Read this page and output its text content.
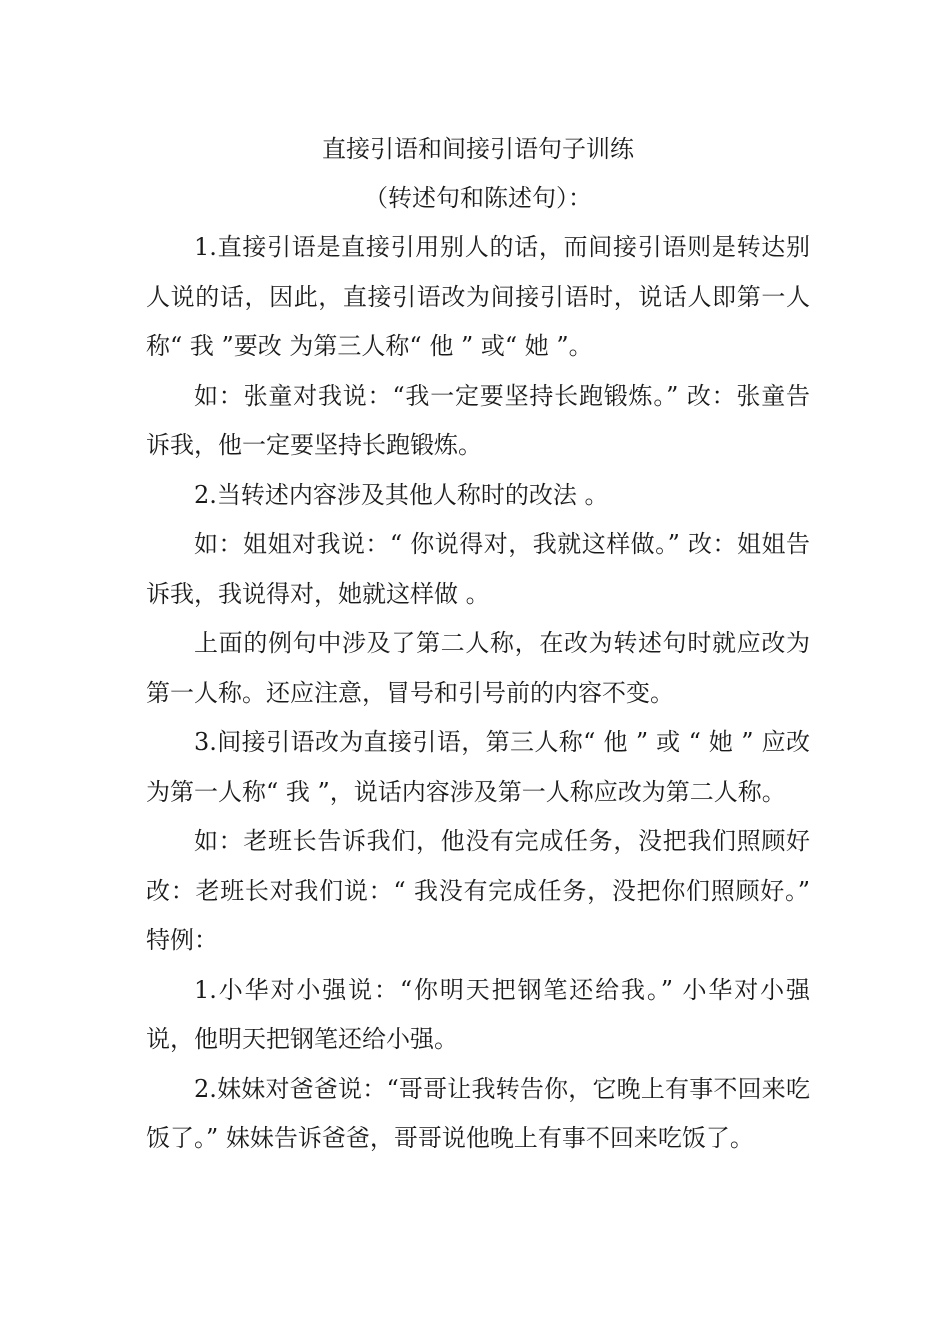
直接引语和间接引语句子训练

（转述句和陈述句）：

1.直接引语是直接引用别人的话，而间接引语则是转达别人说的话，因此，直接引语改为间接引语时，说话人即第一人称“ 我 ”要改 为第三人称“ 他 ” 或“ 她 ”。

如：张童对我说：“我一定要坚持长跑锻炼。” 改：张童告诉我，他一定要坚持长跑锻炼。

2.当转述内容涉及其他人称时的改法 。

如：姐姐对我说：“ 你说得对，我就这样做。” 改：姐姐告诉我，我说得对，她就这样做 。

上面的例句中涉及了第二人称，在改为转述句时就应改为 第一人称。还应注意，冒号和引号前的内容不变。

3.间接引语改为直接引语，第三人称“ 他 ” 或 “ 她 ” 应改 为第一人称“ 我 ”，说话内容涉及第一人称应改为第二人称。

如：老班长告诉我们，他没有完成任务，没把我们照顾好 改：老班长对我们说：“ 我没有完成任务，没把你们照顾好。” 特例：

1.小华对小强说：“你明天把钢笔还给我。” 小华对小强说，他明天把钢笔还给小强。

2.妹妹对爸爸说：“哥哥让我转告你，它晚上有事不回来吃饭了。” 妹妹告诉爸爸，哥哥说他晚上有事不回来吃饭了。
